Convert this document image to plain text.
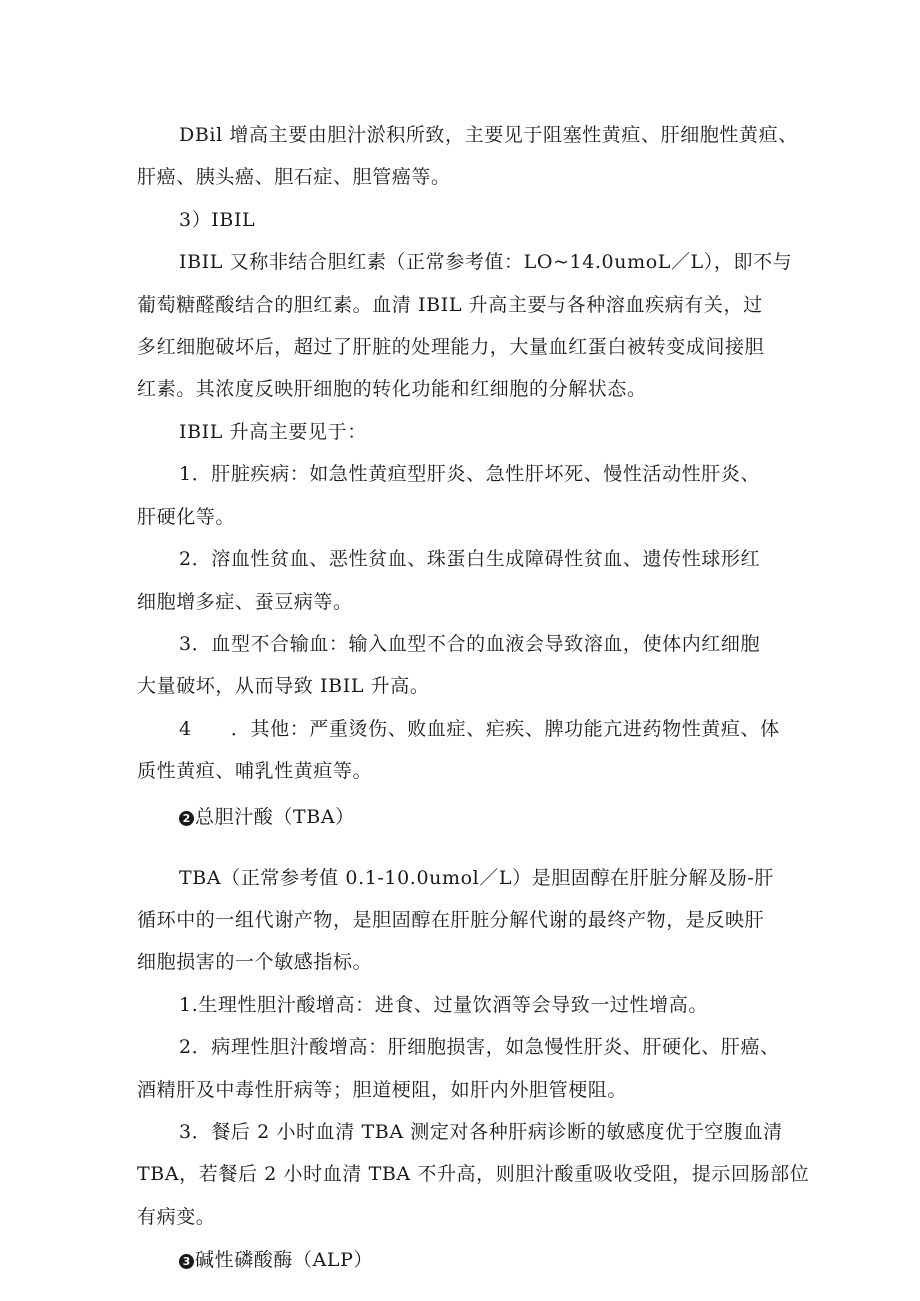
DBil 增高主要由胆汁淤积所致，主要见于阻塞性黄疸、肝细胞性黄疸、

肝癌、胰头癌、胆石症、胆管癌等。

3）IBIL

IBIL 又称非结合胆红素（正常参考值：LO~14.0umoL／L），即不与

葡萄糖醛酸结合的胆红素。血清 IBIL 升高主要与各种溶血疾病有关，过

多红细胞破坏后，超过了肝脏的处理能力，大量血红蛋白被转变成间接胆

红素。其浓度反映肝细胞的转化功能和红细胞的分解状态。

IBIL 升高主要见于：

1．肝脏疾病：如急性黄疸型肝炎、急性肝坏死、慢性活动性肝炎、

肝硬化等。

2．溶血性贫血、恶性贫血、珠蛋白生成障碍性贫血、遗传性球形红

细胞增多症、蚕豆病等。

3．血型不合输血：输入血型不合的血液会导致溶血，使体内红细胞

大量破坏，从而导致 IBIL 升高。

4　　．其他：严重烫伤、败血症、疟疾、脾功能亢进药物性黄疸、体

质性黄疸、哺乳性黄疸等。

2 总胆汁酸（TBA）

TBA（正常参考值 0.1-10.0umol／L）是胆固醇在肝脏分解及肠-肝

循环中的一组代谢产物，是胆固醇在肝脏分解代谢的最终产物，是反映肝

细胞损害的一个敏感指标。

1.生理性胆汁酸增高：进食、过量饮酒等会导致一过性增高。

2．病理性胆汁酸增高：肝细胞损害，如急慢性肝炎、肝硬化、肝癌、

酒精肝及中毒性肝病等；胆道梗阻，如肝内外胆管梗阻。

3．餐后 2 小时血清 TBA 测定对各种肝病诊断的敏感度优于空腹血清

TBA，若餐后 2 小时血清 TBA 不升高，则胆汁酸重吸收受阻，提示回肠部位

有病变。

3 碱性磷酸酶（ALP）
